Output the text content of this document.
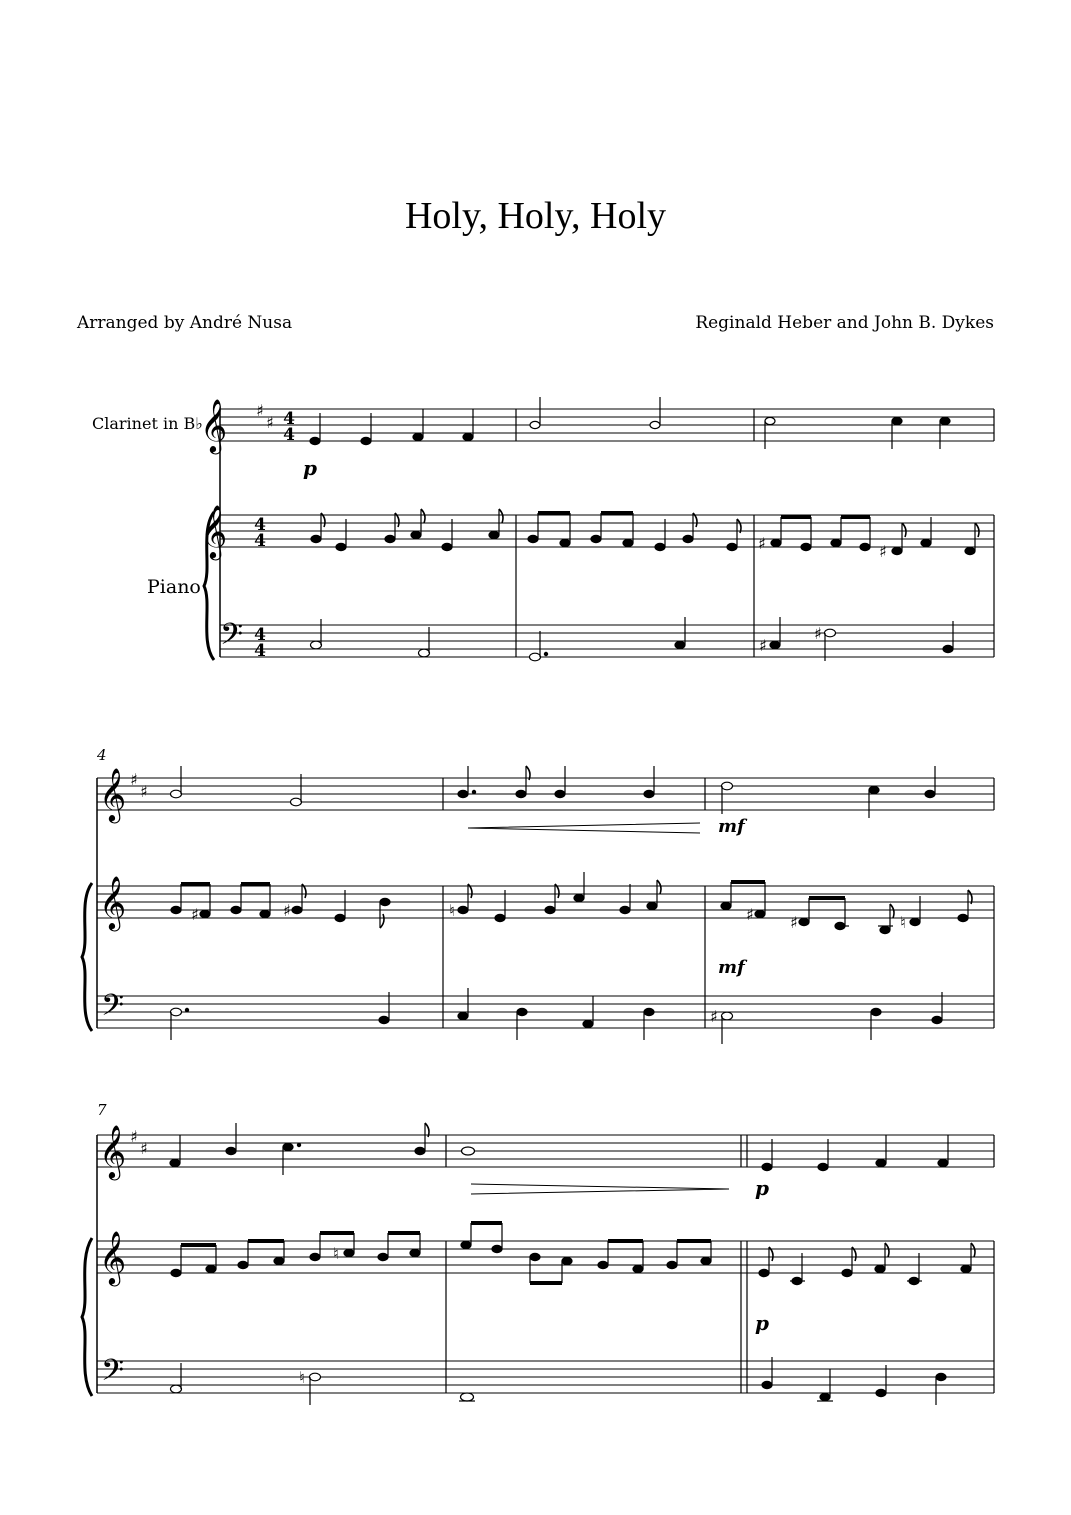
Holy, Holy, Holy
Arranged by André Nusa	Reginald Heber and John B. Dykes
𝄞
𝄞
𝄢
♯
♯ 4
4
4
4
4
4
Clarinet in B♭
Piano
p
♯	♯
♯
♯
4
𝄞
𝄞
𝄢
♯
♯
mf
♯	♯	♮	♯ ♯	♮
mf
♯
7
𝄞
𝄞
𝄢
♯
♯
p
♮
p
♮
